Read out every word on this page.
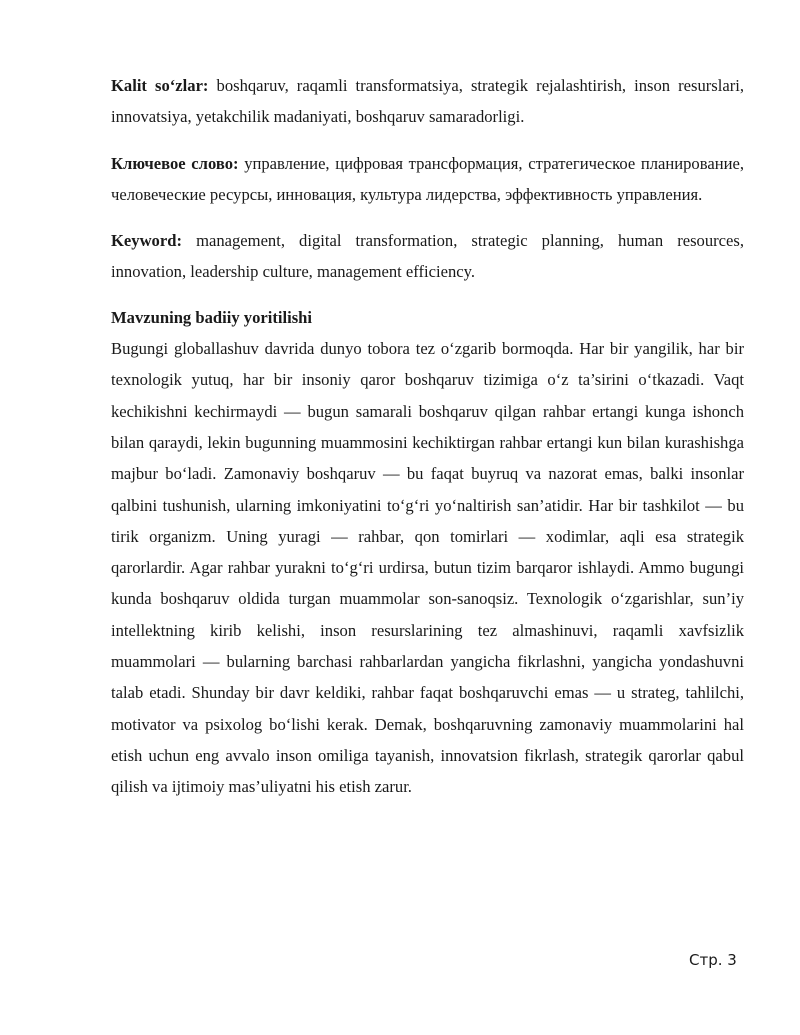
Kalit so‘zlar: boshqaruv, raqamli transformatsiya, strategik rejalashtirish, inson resurslari, innovatsiya, yetakchilik madaniyati, boshqaruv samaradorligi.

Ключевое слово: управление, цифровая трансформация, стратегическое планирование, человеческие ресурсы, инновация, культура лидерства, эффективность управления.

Keyword: management, digital transformation, strategic planning, human resources, innovation, leadership culture, management efficiency.

Mavzuning badiiy yoritilishi

Bugungi globallashuv davrida dunyo tobora tez o‘zgarib bormoqda. Har bir yangilik, har bir texnologik yutuq, har bir insoniy qaror boshqaruv tizimiga o‘z ta’sirini o‘tkazadi. Vaqt kechikishni kechirmaydi — bugun samarali boshqaruv qilgan rahbar ertangi kunga ishonch bilan qaraydi, lekin bugunning muammosini kechiktirgan rahbar ertangi kun bilan kurashishga majbur bo‘ladi. Zamonaviy boshqaruv — bu faqat buyruq va nazorat emas, balki insonlar qalbini tushunish, ularning imkoniyatini to‘g‘ri yo‘naltirish san’atidir. Har bir tashkilot — bu tirik organizm. Uning yuragi — rahbar, qon tomirlari — xodimlar, aqli esa strategik qarorlardir. Agar rahbar yurakni to‘g‘ri urdirsa, butun tizim barqaror ishlaydi. Ammo bugungi kunda boshqaruv oldida turgan muammolar son-sanoqsiz. Texnologik o‘zgarishlar, sun’iy intellektning kirib kelishi, inson resurslarining tez almashinuvi, raqamli xavfsizlik muammolari — bularning barchasi rahbarlardan yangicha fikrlashni, yangicha yondashuvni talab etadi. Shunday bir davr keldiki, rahbar faqat boshqaruvchi emas — u strateg, tahlilchi, motivator va psixolog bo‘lishi kerak. Demak, boshqaruvning zamonaviy muammolarini hal etish uchun eng avvalo inson omiliga tayanish, innovatsion fikrlash, strategik qarorlar qabul qilish va ijtimoiy mas’uliyatni his etish zarur.

Стр. 3
